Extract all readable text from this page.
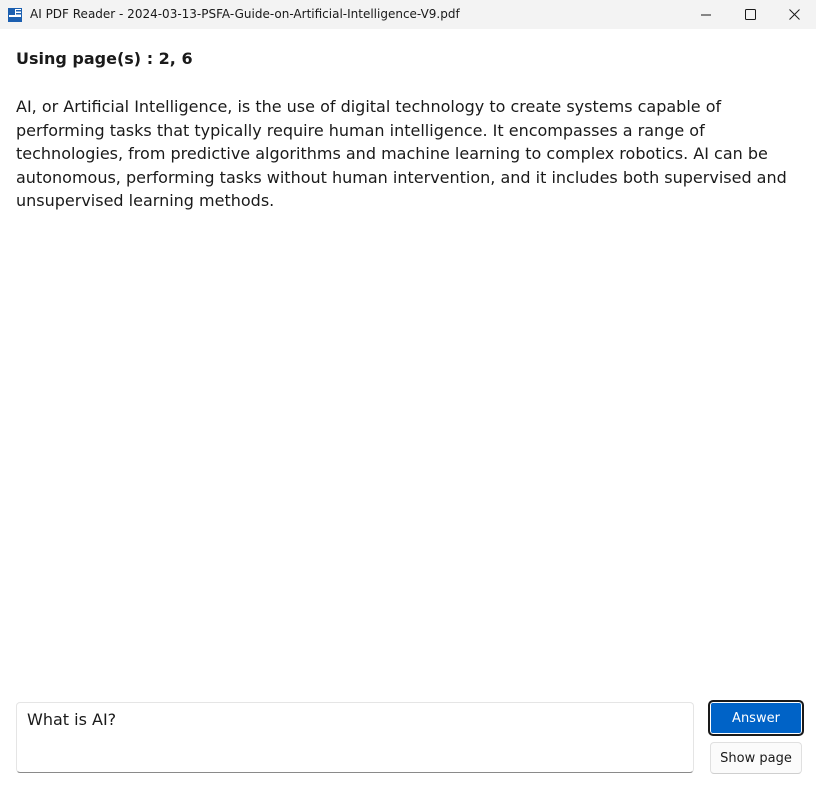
AI PDF Reader - 2024-03-13-PSFA-Guide-on-Artificial-Intelligence-V9.pdf
Using page(s) : 2, 6
AI, or Artificial Intelligence, is the use of digital technology to create systems capable of performing tasks that typically require human intelligence. It encompasses a range of technologies, from predictive algorithms and machine learning to complex robotics. AI can be autonomous, performing tasks without human intervention, and it includes both supervised and unsupervised learning methods.
What is AI?
Answer
Show page
